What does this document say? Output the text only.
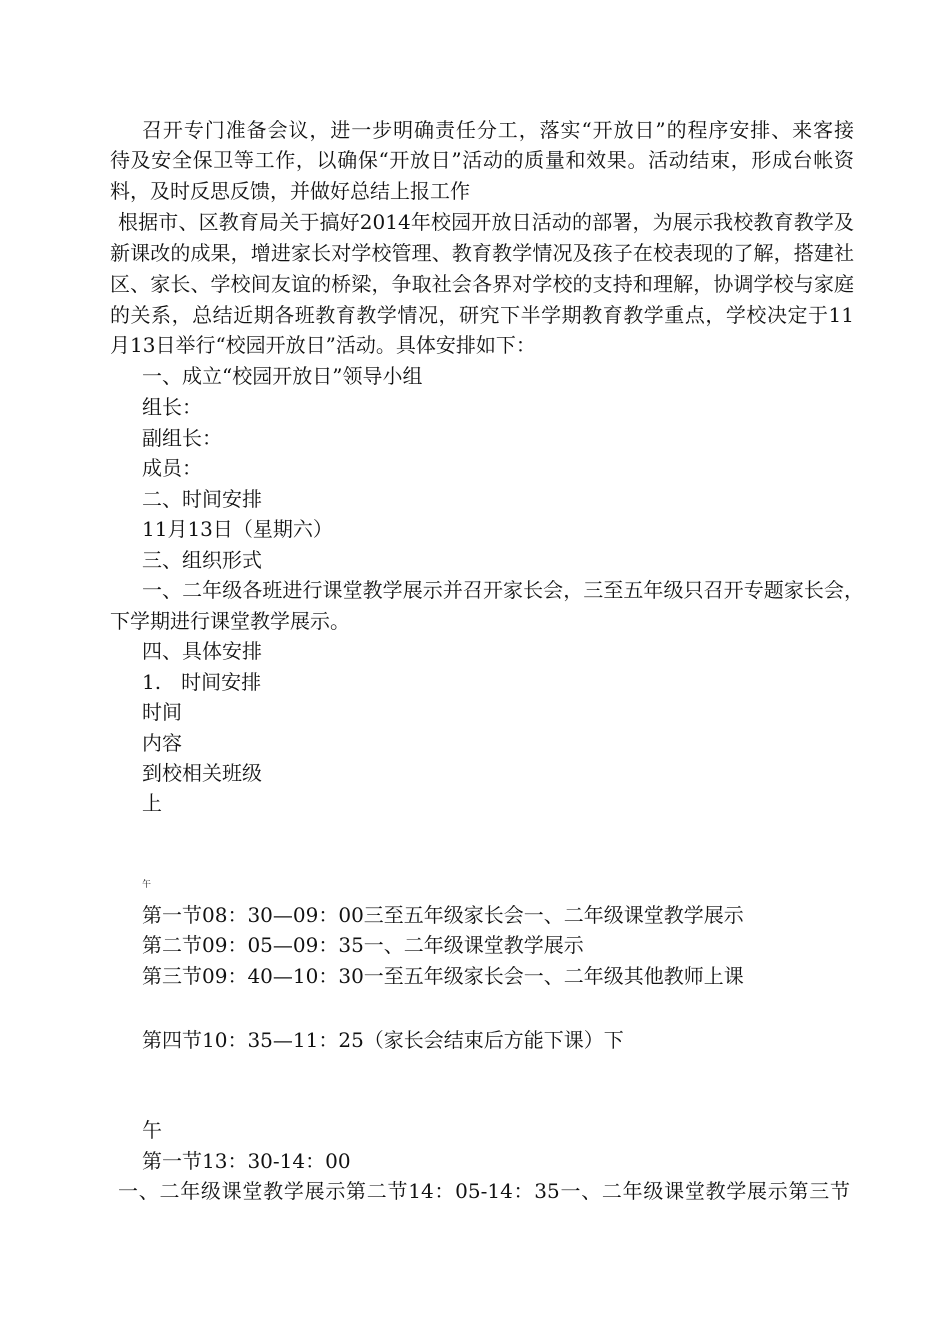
召开专门准备会议，进一步明确责任分工，落实“开放日”的程序安排、来客接
待及安全保卫等工作，以确保“开放日”活动的质量和效果。活动结束，形成台帐资
料，及时反思反馈，并做好总结上报工作
根据市、区教育局关于搞好2014年校园开放日活动的部署，为展示我校教育教学及
新课改的成果，增进家长对学校管理、教育教学情况及孩子在校表现的了解，搭建社
区、家长、学校间友谊的桥梁，争取社会各界对学校的支持和理解，协调学校与家庭
的关系，总结近期各班教育教学情况，研究下半学期教育教学重点，学校决定于11
月13日举行“校园开放日”活动。具体安排如下：
一、成立“校园开放日”领导小组
组长：
副组长：
成员：
二、时间安排
11月13日（星期六）
三、组织形式
一、二年级各班进行课堂教学展示并召开家长会，三至五年级只召开专题家长会，
下学期进行课堂教学展示。
四、具体安排
1.　时间安排
时间
内容
到校相关班级
上
午
第一节08：30—09：00三至五年级家长会一、二年级课堂教学展示
第二节09：05—09：35一、二年级课堂教学展示
第三节09：40—10：30一至五年级家长会一、二年级其他教师上课
第四节10：35—11：25（家长会结束后方能下课）下
午
第一节13：30-14：00
一、二年级课堂教学展示第二节14：05-14：35一、二年级课堂教学展示第三节
